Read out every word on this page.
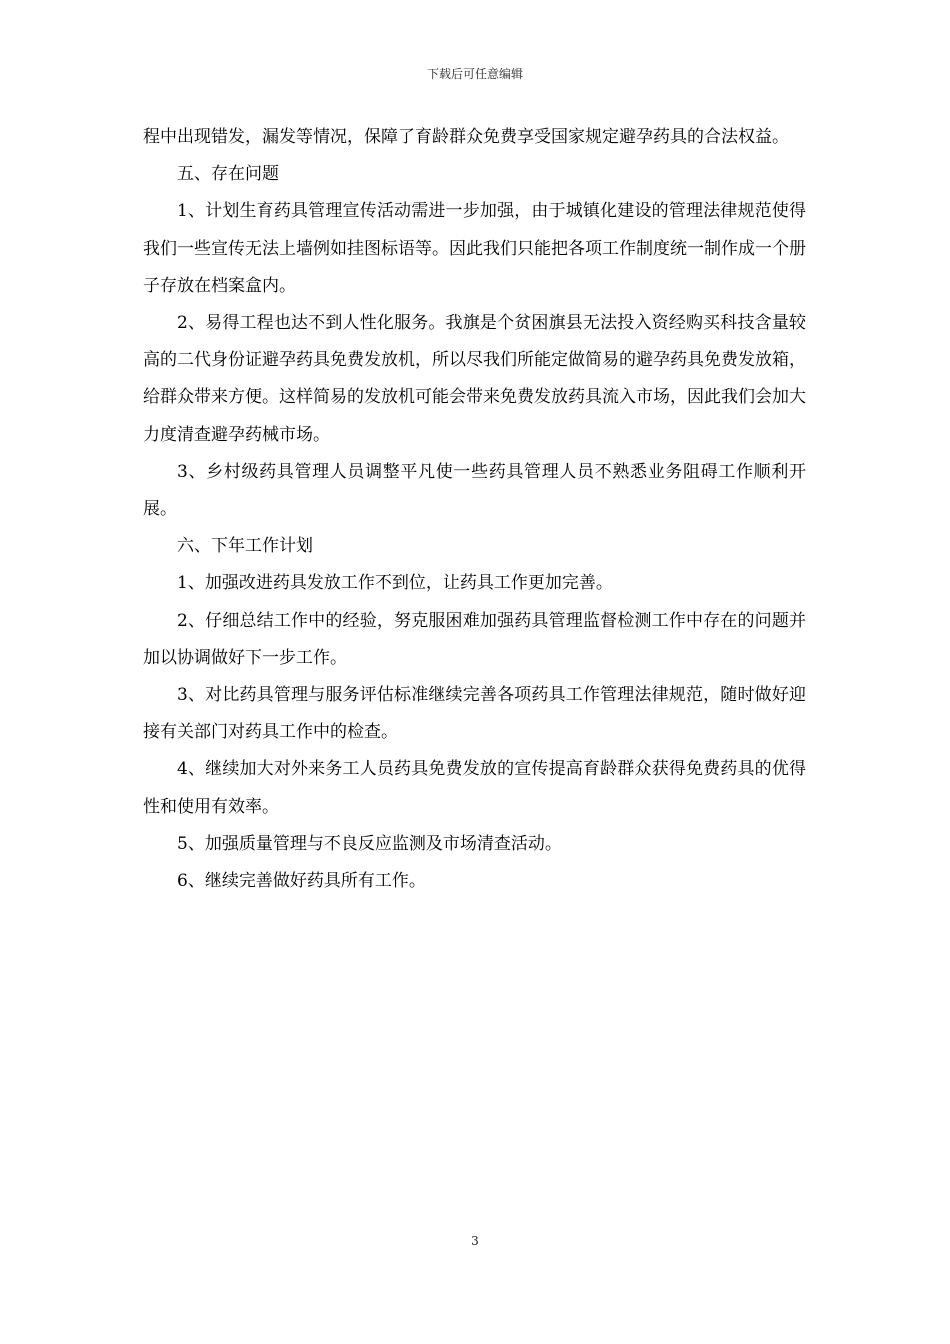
下载后可任意编辑

程中出现错发，漏发等情况，保障了育龄群众免费享受国家规定避孕药具的合法权益。

五、存在问题

1、计划生育药具管理宣传活动需进一步加强，由于城镇化建设的管理法律规范使得我们一些宣传无法上墙例如挂图标语等。因此我们只能把各项工作制度统一制作成一个册子存放在档案盒内。

2、易得工程也达不到人性化服务。我旗是个贫困旗县无法投入资经购买科技含量较高的二代身份证避孕药具免费发放机，所以尽我们所能定做简易的避孕药具免费发放箱，给群众带来方便。这样简易的发放机可能会带来免费发放药具流入市场，因此我们会加大力度清查避孕药械市场。

3、乡村级药具管理人员调整平凡使一些药具管理人员不熟悉业务阻碍工作顺利开展。

六、下年工作计划

1、加强改进药具发放工作不到位，让药具工作更加完善。

2、仔细总结工作中的经验，努克服困难加强药具管理监督检测工作中存在的问题并加以协调做好下一步工作。

3、对比药具管理与服务评估标准继续完善各项药具工作管理法律规范，随时做好迎接有关部门对药具工作中的检查。

4、继续加大对外来务工人员药具免费发放的宣传提高育龄群众获得免费药具的优得性和使用有效率。

5、加强质量管理与不良反应监测及市场清查活动。

6、继续完善做好药具所有工作。

3
